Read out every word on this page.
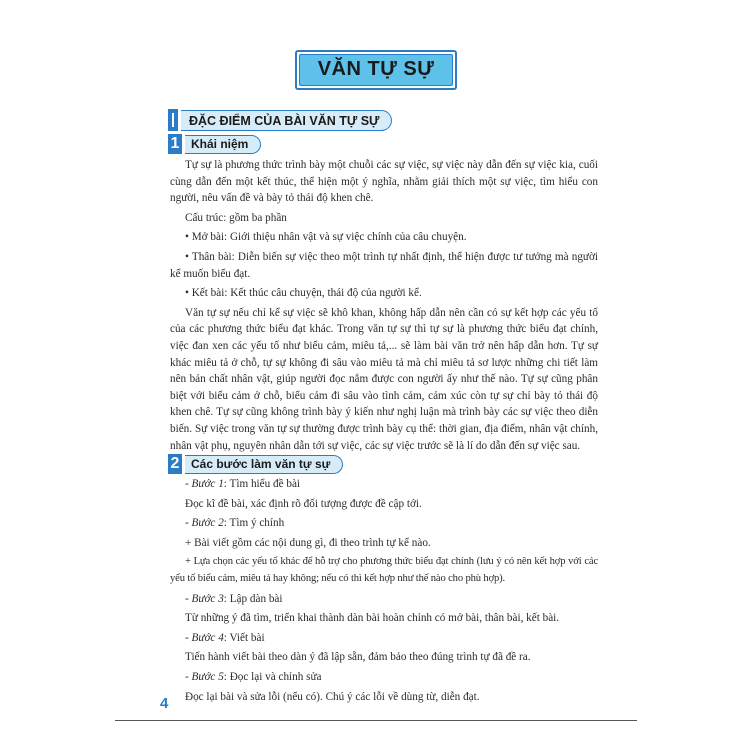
VĂN TỰ SỰ
ĐẶC ĐIỂM CỦA BÀI VĂN TỰ SỰ
1 Khái niệm

Tự sự là phương thức trình bày một chuỗi các sự việc, sự việc này dẫn đến sự việc kia, cuối cùng dẫn đến một kết thúc, thể hiện một ý nghĩa, nhằm giải thích một sự việc, tìm hiểu con người, nêu vấn đề và bày tỏ thái độ khen chê.

Cấu trúc: gồm ba phần

• Mở bài: Giới thiệu nhân vật và sự việc chính của câu chuyện.

• Thân bài: Diễn biến sự việc theo một trình tự nhất định, thể hiện được tư tưởng mà người kể muốn biểu đạt.

• Kết bài: Kết thúc câu chuyện, thái độ của người kể.

Văn tự sự nếu chỉ kể sự việc sẽ khô khan, không hấp dẫn nên cần có sự kết hợp các yếu tố của các phương thức biểu đạt khác. Trong văn tự sự thì tự sự là phương thức biểu đạt chính, việc đan xen các yếu tố như biểu cảm, miêu tả,... sẽ làm bài văn trở nên hấp dẫn hơn. Tự sự khác miêu tả ở chỗ, tự sự không đi sâu vào miêu tả mà chỉ miêu tả sơ lược những chi tiết làm nên bản chất nhân vật, giúp người đọc nắm được con người ấy như thế nào. Tự sự cũng phân biệt với biểu cảm ở chỗ, biểu cảm đi sâu vào tình cảm, cảm xúc còn tự sự chỉ bày tỏ thái độ khen chê. Tự sự cũng không trình bày ý kiến như nghị luận mà trình bày các sự việc theo diễn biến. Sự việc trong văn tự sự thường được trình bày cụ thể: thời gian, địa điểm, nhân vật chính, nhân vật phụ, nguyên nhân dẫn tới sự việc, các sự việc trước sẽ là lí do dẫn đến sự việc sau.

2 Các bước làm văn tự sự

- Bước 1: Tìm hiểu đề bài

Đọc kĩ đề bài, xác định rõ đối tượng được đề cập tới.

- Bước 2: Tìm ý chính

+ Bài viết gồm các nội dung gì, đi theo trình tự kể nào.

+ Lựa chọn các yếu tố khác để hỗ trợ cho phương thức biểu đạt chính (lưu ý có nên kết hợp với các yếu tố biểu cảm, miêu tả hay không; nếu có thì kết hợp như thế nào cho phù hợp).

- Bước 3: Lập dàn bài

Từ những ý đã tìm, triển khai thành dàn bài hoàn chỉnh có mở bài, thân bài, kết bài.

- Bước 4: Viết bài

Tiến hành viết bài theo dàn ý đã lập sẵn, đảm bảo theo đúng trình tự đã đề ra.

- Bước 5: Đọc lại và chỉnh sửa

Đọc lại bài và sửa lỗi (nếu có). Chú ý các lỗi về dùng từ, diễn đạt.

4
